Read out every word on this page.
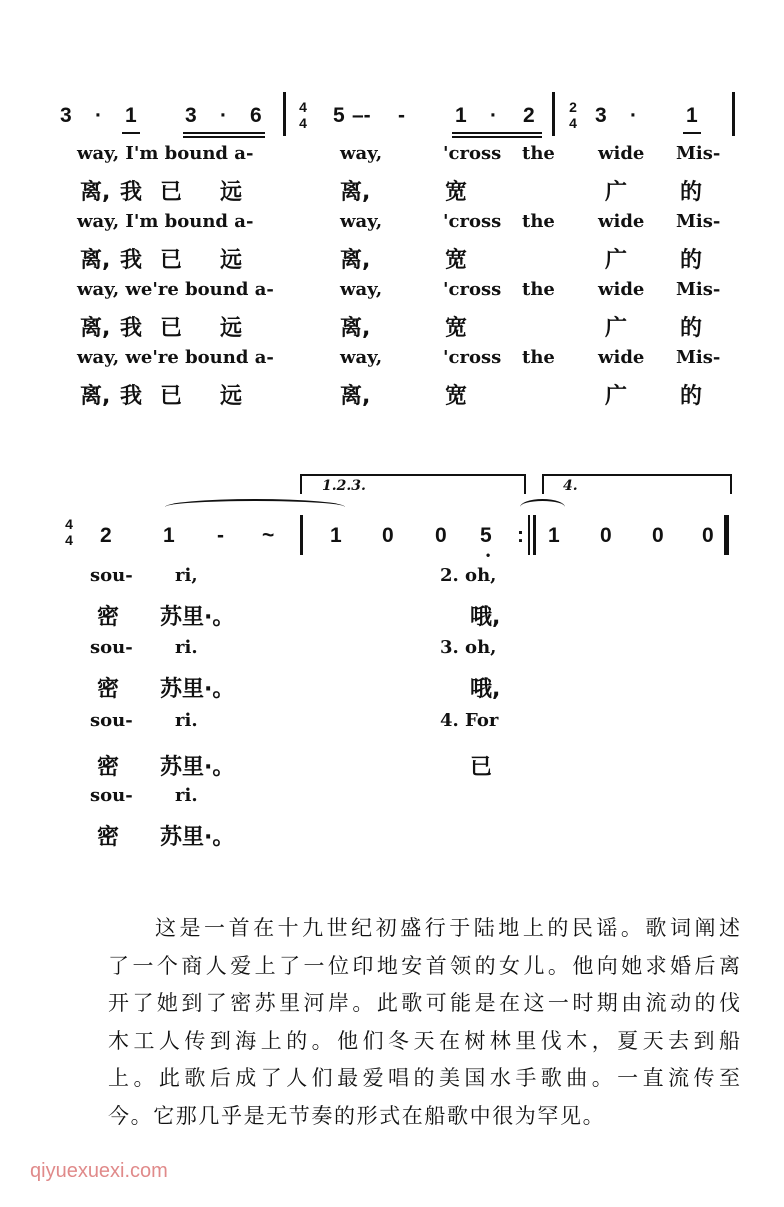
qiyuexuexi.com
3 · 1 3 · 6	5 –- - 1 · 2	3 · 1
4
4
2
4
way, I'm bound a-	way,	'cross the wide Mis-
离, 我 已 远	离,	宽	广 的
way, I'm bound a-	way,	'cross the wide Mis-
离, 我 已 远	离,	宽	广 的
way, we're bound a-	way,	'cross the wide Mis-
离, 我 已 远	离,	宽	广 的
way, we're bound a-	way,	'cross the wide Mis-
离, 我 已 远	离,	宽	广 的
4
4 2 1 - ~	1 0 0 5 : 1 0 0 0
•
1.2.3.	4.
sou- ri,
密 苏里·。
2. oh,
哦,
sou- ri.
密 苏里·。
3. oh,
哦,
sou- ri.
密 苏里·。
4. For
已
sou- ri.
密 苏里·。
这是一首在十九世纪初盛行于陆地上的民谣。歌词阐述
了一个商人爱上了一位印地安首领的女儿。他向她求婚后离
开了她到了密苏里河岸。此歌可能是在这一时期由流动的伐
木工人传到海上的。他们冬天在树林里伐木，夏天去到船
上。此歌后成了人们最爱唱的美国水手歌曲。一直流传至
今。它那几乎是无节奏的形式在船歌中很为罕见。
